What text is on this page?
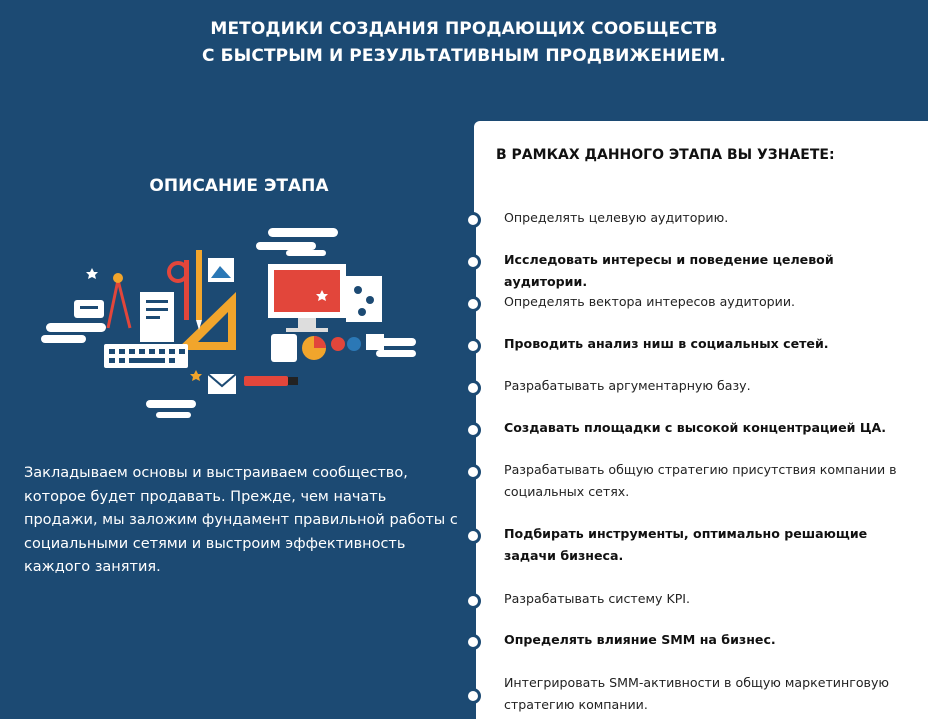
МЕТОДИКИ СОЗДАНИЯ ПРОДАЮЩИХ СООБЩЕСТВ
С БЫСТРЫМ И РЕЗУЛЬТАТИВНЫМ ПРОДВИЖЕНИЕМ.
ОПИСАНИЕ ЭТАПА
Закладываем основы и выстраиваем сообщество, которое будет продавать. Прежде, чем начать продажи, мы заложим фундамент правильной работы с социальными сетями и выстроим эффективность каждого занятия.
В РАМКАХ ДАННОГО ЭТАПА ВЫ УЗНАЕТЕ:
Определять целевую аудиторию.
Исследовать интересы и поведение целевой аудитории.
Определять вектора интересов аудитории.
Проводить анализ ниш в социальных сетей.
Разрабатывать аргументарную базу.
Создавать площадки с высокой концентрацией ЦА.
Разрабатывать общую стратегию присутствия компании в социальных сетях.
Подбирать инструменты, оптимально решающие задачи бизнеса.
Разрабатывать систему KPI.
Определять влияние SMM на бизнес.
Интегрировать SMM-активности в общую маркетинговую стратегию компании.
